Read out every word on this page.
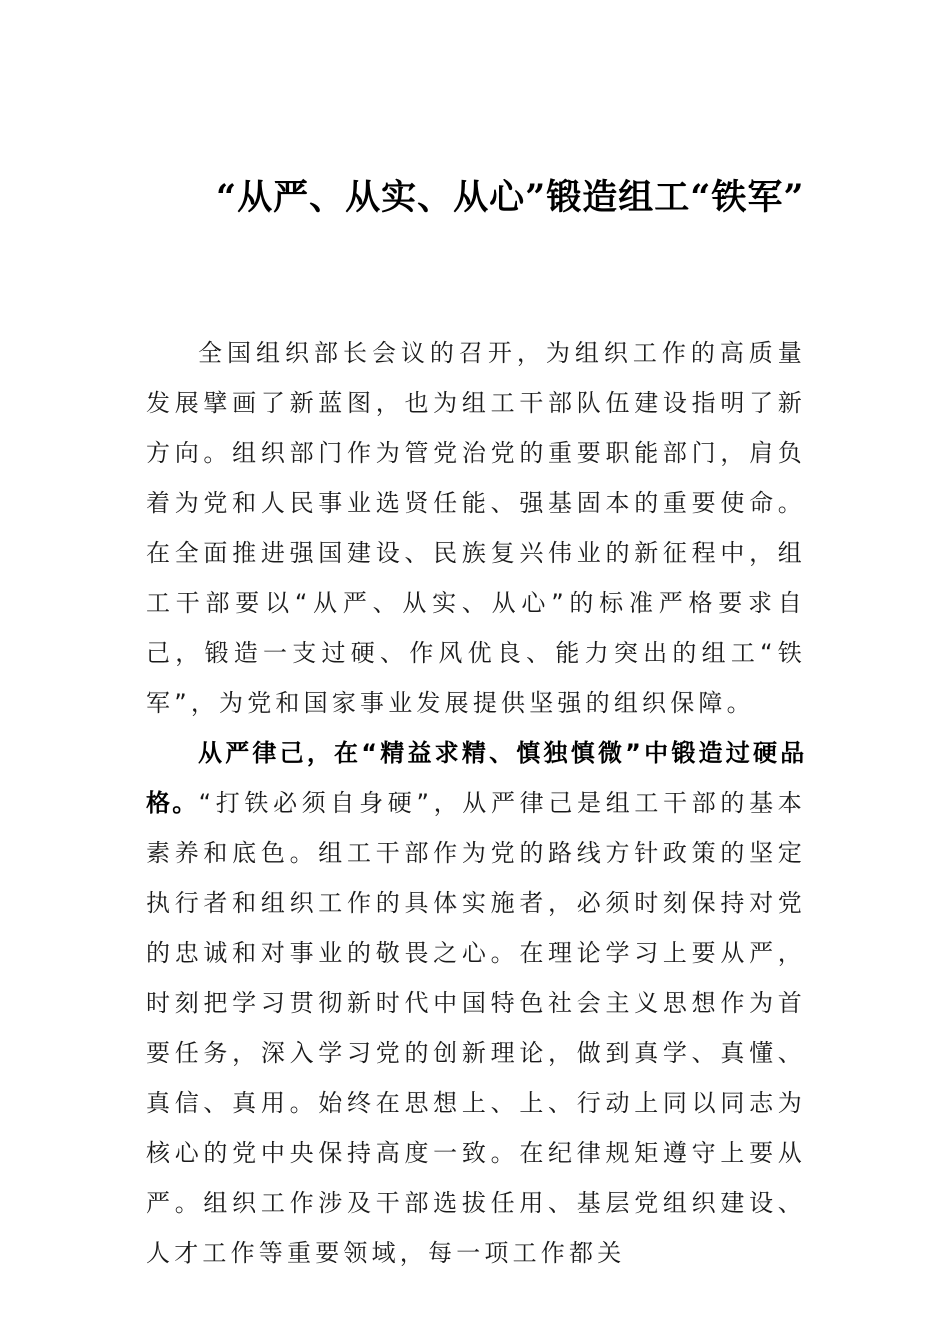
“从严、从实、从心”锻造组工“铁军”

全国组织部长会议的召开，为组织工作的高质量发展擘画了新蓝图，也为组工干部队伍建设指明了新方向。组织部门作为管党治党的重要职能部门，肩负着为党和人民事业选贤任能、强基固本的重要使命。在全面推进强国建设、民族复兴伟业的新征程中，组工干部要以“从严、从实、从心”的标准严格要求自己，锻造一支过硬、作风优良、能力突出的组工“铁军”，为党和国家事业发展提供坚强的组织保障。

从严律己，在“精益求精、慎独慎微”中锻造过硬品格。“打铁必须自身硬”，从严律己是组工干部的基本素养和底色。组工干部作为党的路线方针政策的坚定执行者和组织工作的具体实施者，必须时刻保持对党的忠诚和对事业的敬畏之心。在理论学习上要从严，时刻把学习贯彻新时代中国特色社会主义思想作为首要任务，深入学习党的创新理论，做到真学、真懂、真信、真用。始终在思想上、上、行动上同以同志为核心的党中央保持高度一致。在纪律规矩遵守上要从严。组织工作涉及干部选拔任用、基层党组织建设、人才工作等重要领域，每一项工作都关
